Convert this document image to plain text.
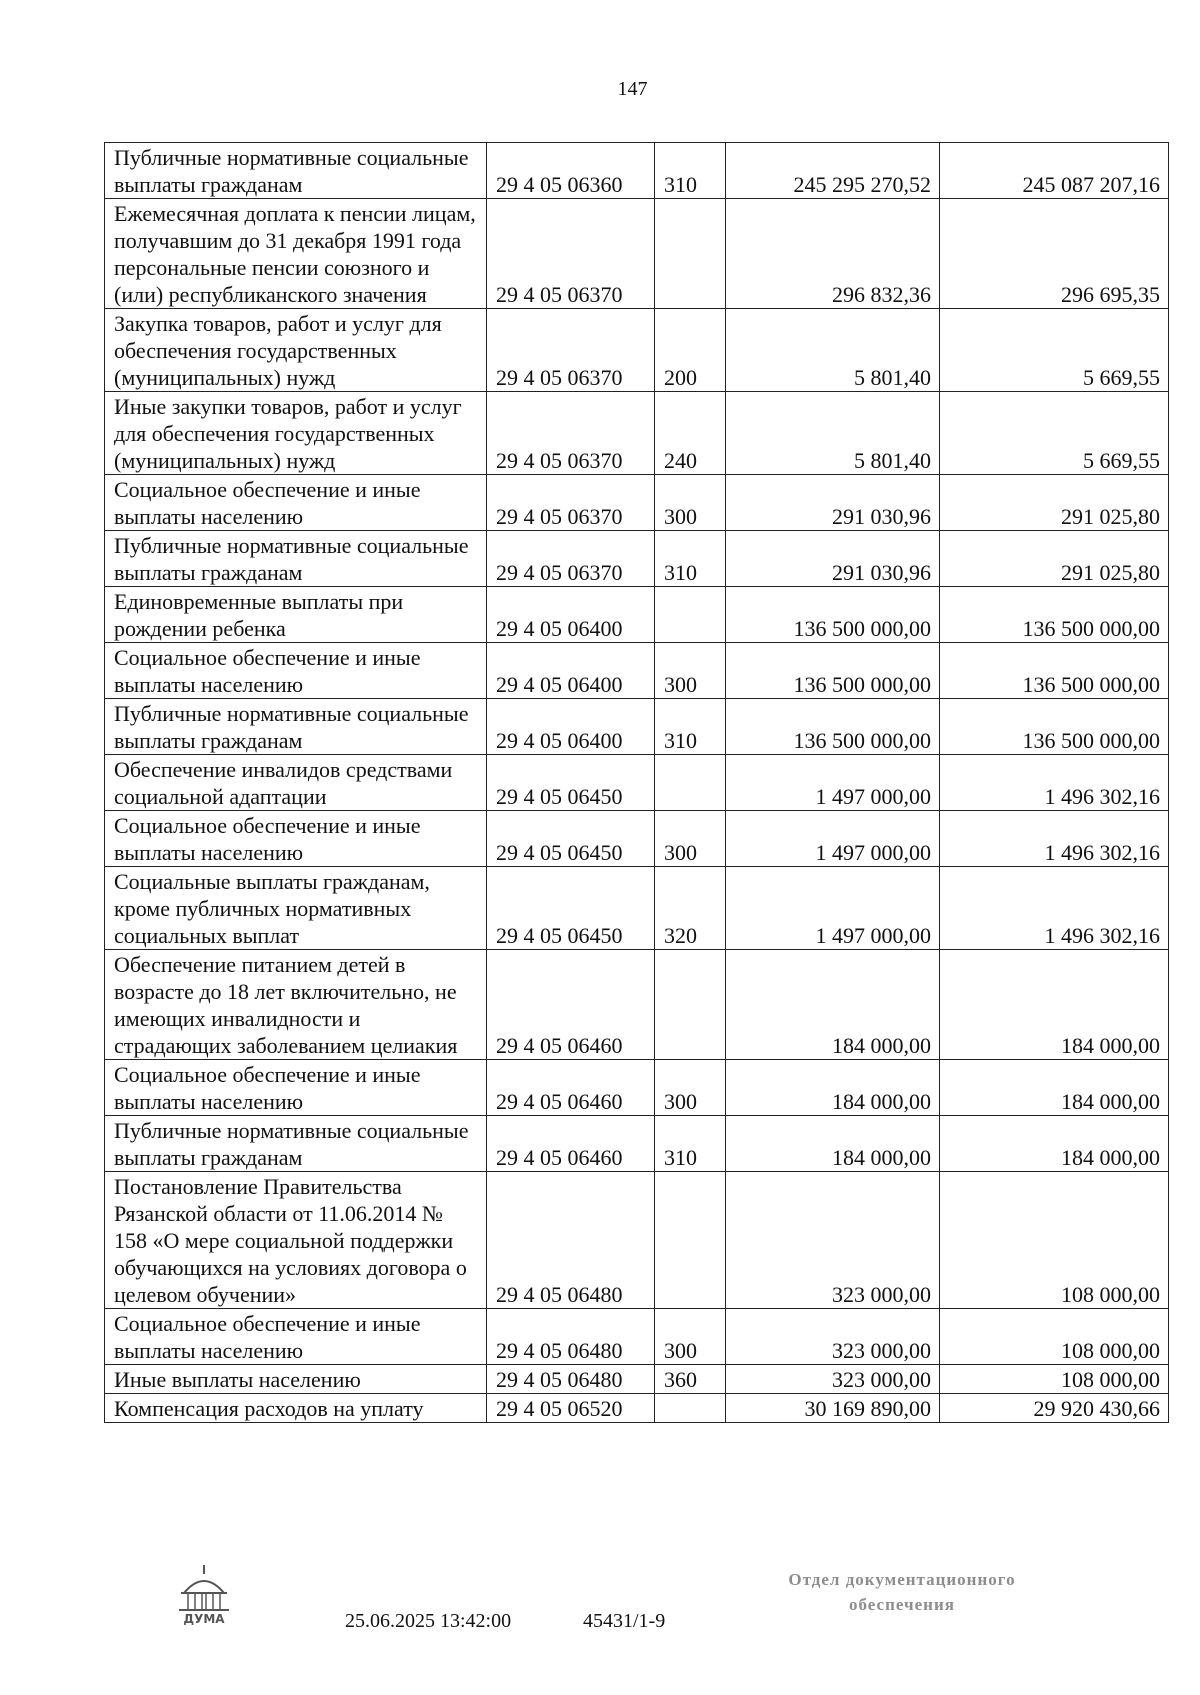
147
Публичные нормативные социальные выплаты гражданам	29 4 05 06360	310	245 295 270,52	245 087 207,16
Ежемесячная доплата к пенсии лицам, получавшим до 31 декабря 1991 года персональные пенсии союзного и (или) республиканского значения	29 4 05 06370		296 832,36	296 695,35
Закупка товаров, работ и услуг для обеспечения государственных (муниципальных) нужд	29 4 05 06370	200	5 801,40	5 669,55
Иные закупки товаров, работ и услуг для обеспечения государственных (муниципальных) нужд	29 4 05 06370	240	5 801,40	5 669,55
Социальное обеспечение и иные выплаты населению	29 4 05 06370	300	291 030,96	291 025,80
Публичные нормативные социальные выплаты гражданам	29 4 05 06370	310	291 030,96	291 025,80
Единовременные выплаты при рождении ребенка	29 4 05 06400		136 500 000,00	136 500 000,00
Социальное обеспечение и иные выплаты населению	29 4 05 06400	300	136 500 000,00	136 500 000,00
Публичные нормативные социальные выплаты гражданам	29 4 05 06400	310	136 500 000,00	136 500 000,00
Обеспечение инвалидов средствами социальной адаптации	29 4 05 06450		1 497 000,00	1 496 302,16
Социальное обеспечение и иные выплаты населению	29 4 05 06450	300	1 497 000,00	1 496 302,16
Социальные выплаты гражданам, кроме публичных нормативных социальных выплат	29 4 05 06450	320	1 497 000,00	1 496 302,16
Обеспечение питанием детей в возрасте до 18 лет включительно, не имеющих инвалидности и страдающих заболеванием целиакия	29 4 05 06460		184 000,00	184 000,00
Социальное обеспечение и иные выплаты населению	29 4 05 06460	300	184 000,00	184 000,00
Публичные нормативные социальные выплаты гражданам	29 4 05 06460	310	184 000,00	184 000,00
Постановление Правительства Рязанской области от 11.06.2014 № 158 «О мере социальной поддержки обучающихся на условиях договора о целевом обучении»	29 4 05 06480		323 000,00	108 000,00
Социальное обеспечение и иные выплаты населению	29 4 05 06480	300	323 000,00	108 000,00
Иные выплаты населению	29 4 05 06480	360	323 000,00	108 000,00
Компенсация расходов на уплату	29 4 05 06520		30 169 890,00	29 920 430,66
ДУМА	25.06.2025 13:42:00	45431/1-9
Отдел документационного обеспечения
